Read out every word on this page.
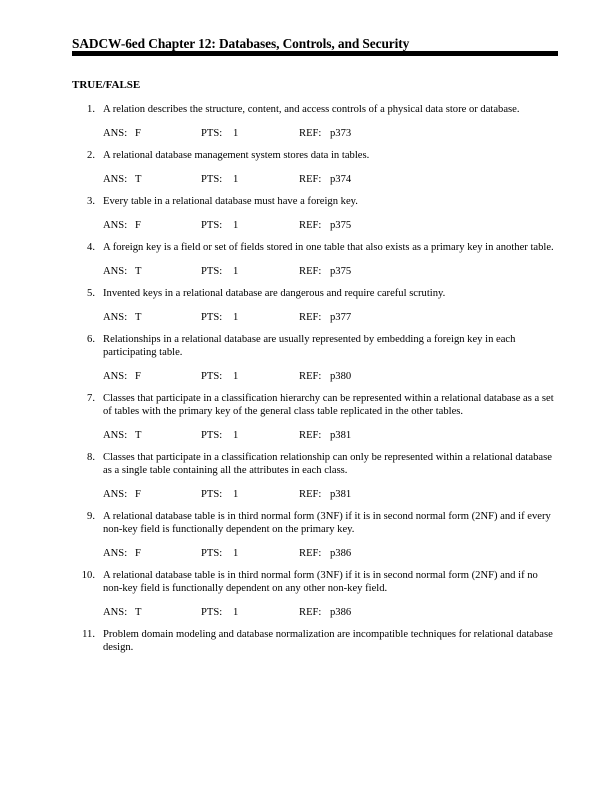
SADCW-6ed Chapter 12: Databases, Controls, and Security
TRUE/FALSE
1. A relation describes the structure, content, and access controls of a physical data store or database.
ANS: F	PTS: 1	REF: p373
2. A relational database management system stores data in tables.
ANS: T	PTS: 1	REF: p374
3. Every table in a relational database must have a foreign key.
ANS: F	PTS: 1	REF: p375
4. A foreign key is a field or set of fields stored in one table that also exists as a primary key in another table.
ANS: T	PTS: 1	REF: p375
5. Invented keys in a relational database are dangerous and require careful scrutiny.
ANS: T	PTS: 1	REF: p377
6. Relationships in a relational database are usually represented by embedding a foreign key in each participating table.
ANS: F	PTS: 1	REF: p380
7. Classes that participate in a classification hierarchy can be represented within a relational database as a set of tables with the primary key of the general class table replicated in the other tables.
ANS: T	PTS: 1	REF: p381
8. Classes that participate in a classification relationship can only be represented within a relational database as a single table containing all the attributes in each class.
ANS: F	PTS: 1	REF: p381
9. A relational database table is in third normal form (3NF) if it is in second normal form (2NF) and if every non-key field is functionally dependent on the primary key.
ANS: F	PTS: 1	REF: p386
10. A relational database table is in third normal form (3NF) if it is in second normal form (2NF) and if no non-key field is functionally dependent on any other non-key field.
ANS: T	PTS: 1	REF: p386
11. Problem domain modeling and database normalization are incompatible techniques for relational database design.
